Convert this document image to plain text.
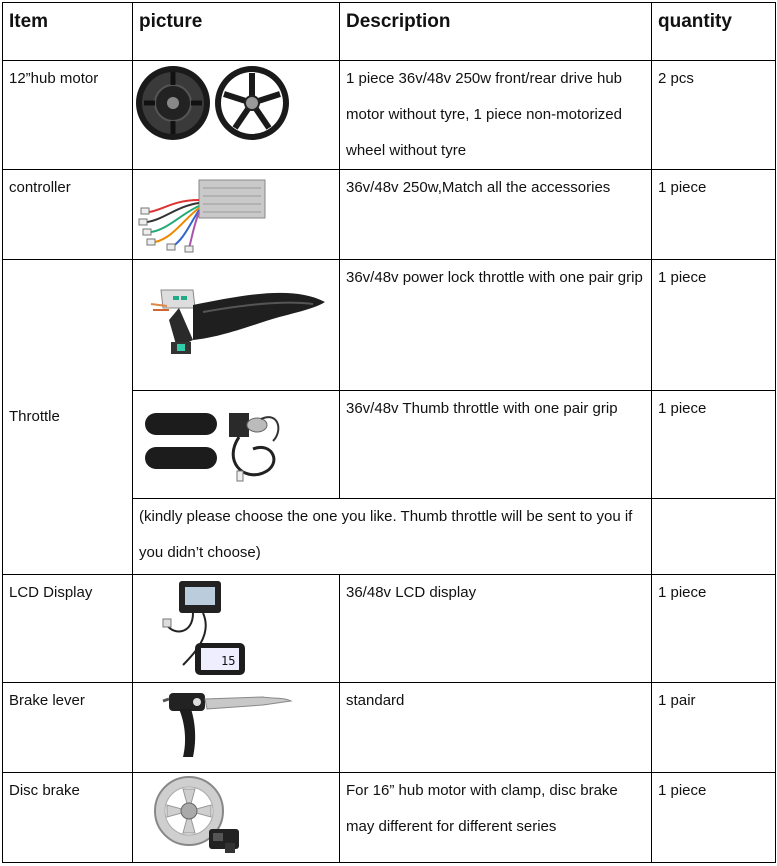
Item	picture	Description	quantity
12”hub motor		1 piece 36v/48v 250w front/rear drive hub motor without tyre, 1 piece non-motorized wheel without tyre	2 pcs
controller		36v/48v 250w,Match all the accessories	1 piece
Throttle		36v/48v power lock throttle with one pair grip	1 piece

	36v/48v Thumb throttle with one pair grip	1 piece
	(kindly please choose the one you like. Thumb throttle will be sent to you if you didn’t choose)		
LCD Display	15	36/48v LCD display	1 piece
Brake lever		standard	1 pair
Disc brake		For 16” hub motor with clamp, disc brake may different for different series	1 piece
